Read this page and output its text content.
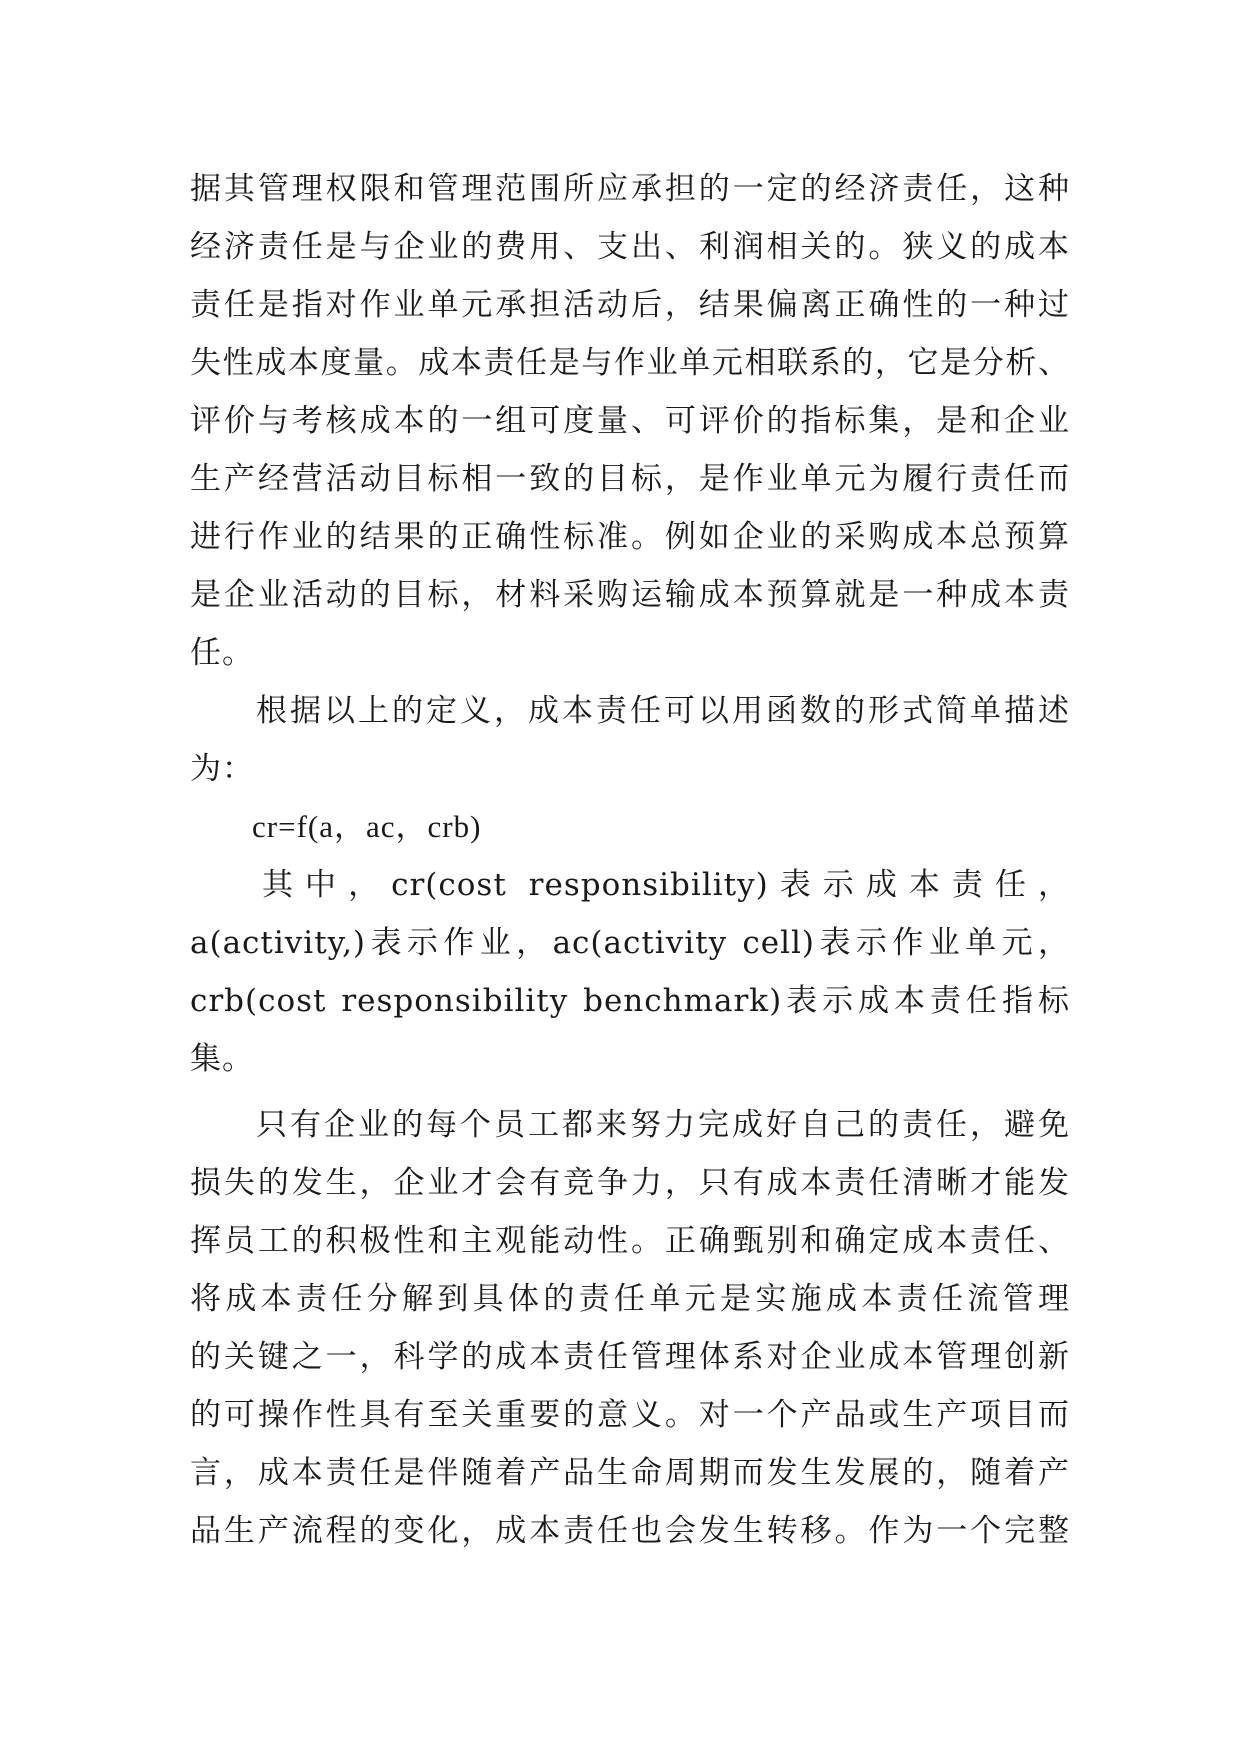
据其管理权限和管理范围所应承担的一定的经济责任，这种
经济责任是与企业的费用、支出、利润相关的。狭义的成本
责任是指对作业单元承担活动后，结果偏离正确性的一种过
失性成本度量。成本责任是与作业单元相联系的，它是分析、
评价与考核成本的一组可度量、可评价的指标集，是和企业
生产经营活动目标相一致的目标，是作业单元为履行责任而
进行作业的结果的正确性标准。例如企业的采购成本总预算
是企业活动的目标，材料采购运输成本预算就是一种成本责
任。
根据以上的定义，成本责任可以用函数的形式简单描述
为：
cr=f(a，ac，crb)
其中，cr(cost responsibility)表示成本责任，
a(activity,)表示作业，ac(activity cell)表示作业单元，
crb(cost responsibility benchmark)表示成本责任指标
集。
只有企业的每个员工都来努力完成好自己的责任，避免
损失的发生，企业才会有竞争力，只有成本责任清晰才能发
挥员工的积极性和主观能动性。正确甄别和确定成本责任、
将成本责任分解到具体的责任单元是实施成本责任流管理
的关键之一，科学的成本责任管理体系对企业成本管理创新
的可操作性具有至关重要的意义。对一个产品或生产项目而
言，成本责任是伴随着产品生命周期而发生发展的，随着产
品生产流程的变化，成本责任也会发生转移。作为一个完整
